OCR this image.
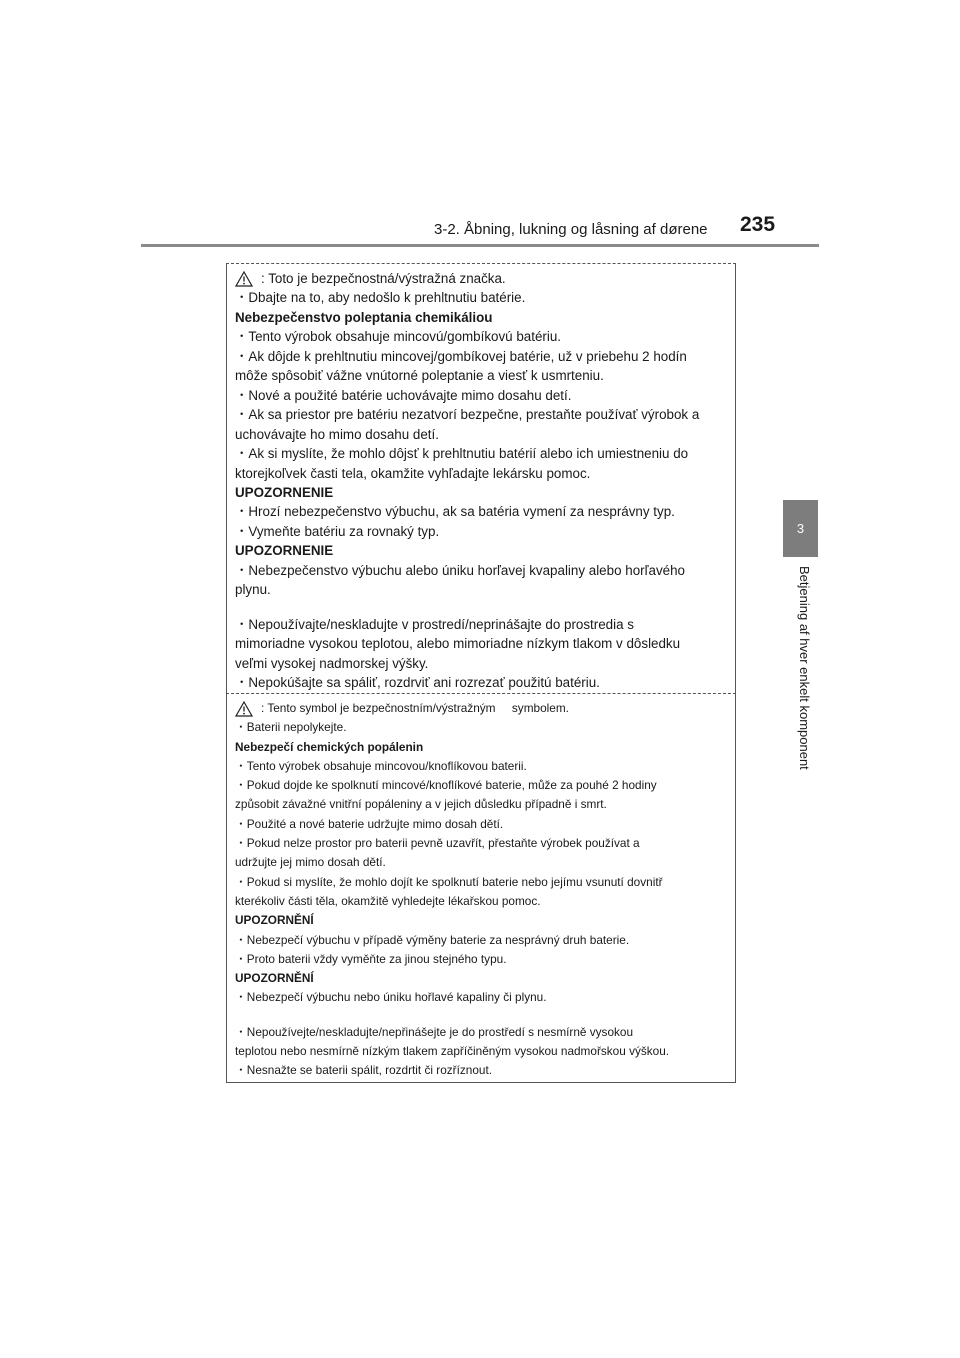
3-2. Åbning, lukning og låsning af dørene	235
3
Betjening af hver enkelt komponent
: Toto je bezpečnostná/výstražná značka.

・Dbajte na to, aby nedošlo k prehltnutiu batérie.

Nebezpečenstvo poleptania chemikáliou

・Tento výrobok obsahuje mincovú/gombíkovú batériu.

・Ak dôjde k prehltnutiu mincovej/gombíkovej batérie, už v priebehu 2 hodín

môže spôsobiť vážne vnútorné poleptanie a viesť k usmrteniu.

・Nové a použité batérie uchovávajte mimo dosahu detí.

・Ak sa priestor pre batériu nezatvorí bezpečne, prestaňte používať výrobok a

uchovávajte ho mimo dosahu detí.

・Ak si myslíte, že mohlo dôjsť k prehltnutiu batérií alebo ich umiestneniu do

ktorejkoľvek časti tela, okamžite vyhľadajte lekársku pomoc.

UPOZORNENIE

・Hrozí nebezpečenstvo výbuchu, ak sa batéria vymení za nesprávny typ.

・Vymeňte batériu za rovnaký typ.

UPOZORNENIE

・Nebezpečenstvo výbuchu alebo úniku horľavej kvapaliny alebo horľavého

plynu.

・Nepoužívajte/neskladujte v prostredí/neprinášajte do prostredia s

mimoriadne vysokou teplotou, alebo mimoriadne nízkym tlakom v dôsledku

veľmi vysokej nadmorskej výšky.

・Nepokúšajte sa spáliť, rozdrviť ani rozrezať použitú batériu.

: Tento symbol je bezpečnostním/výstražným     symbolem.

・Baterii nepolykejte.

Nebezpečí chemických popálenin

・Tento výrobek obsahuje mincovou/knoflíkovou baterii.

・Pokud dojde ke spolknutí mincové/knoflíkové baterie, může za pouhé 2 hodiny

způsobit závažné vnitřní popáleniny a v jejich důsledku případně i smrt.

・Použité a nové baterie udržujte mimo dosah dětí.

・Pokud nelze prostor pro baterii pevně uzavřít, přestaňte výrobek používat a

udržujte jej mimo dosah dětí.

・Pokud si myslíte, že mohlo dojít ke spolknutí baterie nebo jejímu vsunutí dovnitř

kterékoliv části těla, okamžitě vyhledejte lékařskou pomoc.

UPOZORNĚNÍ

・Nebezpečí výbuchu v případě výměny baterie za nesprávný druh baterie.

・Proto baterii vždy vyměňte za jinou stejného typu.

UPOZORNĚNÍ

・Nebezpečí výbuchu nebo úniku hořlavé kapaliny či plynu.

・Nepoužívejte/neskladujte/nepřinášejte je do prostředí s nesmírně vysokou

teplotou nebo nesmírně nízkým tlakem zapříčiněným vysokou nadmořskou výškou.

・Nesnažte se baterii spálit, rozdrtit či rozříznout.
